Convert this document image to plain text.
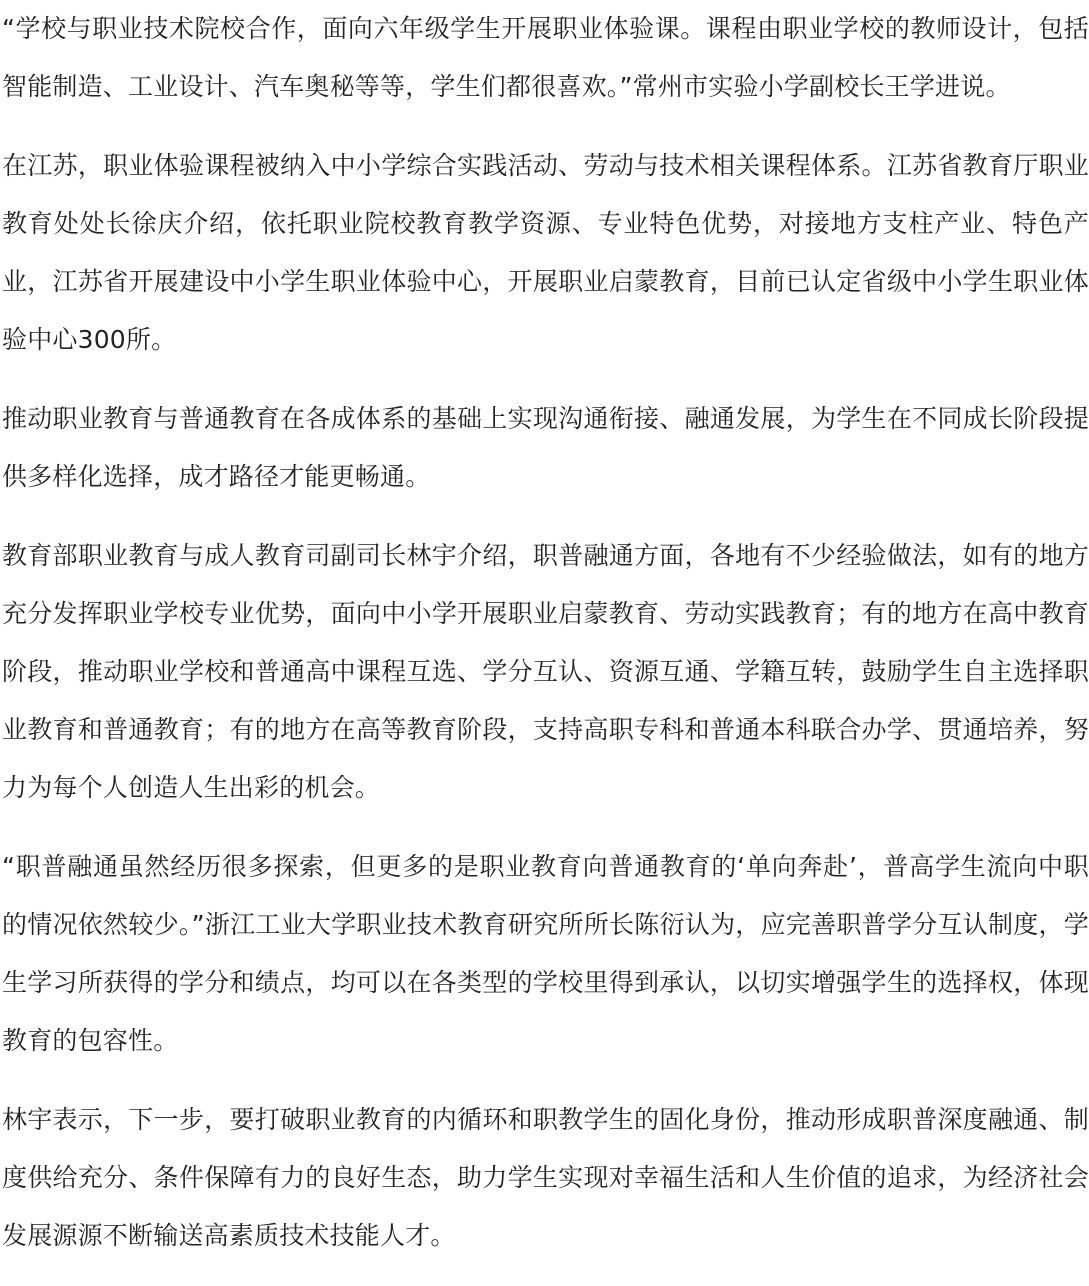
“学校与职业技术院校合作，面向六年级学生开展职业体验课。课程由职业学校的教师设计，包括智能制造、工业设计、汽车奥秘等等，学生们都很喜欢。”常州市实验小学副校长王学进说。

在江苏，职业体验课程被纳入中小学综合实践活动、劳动与技术相关课程体系。江苏省教育厅职业教育处处长徐庆介绍，依托职业院校教育教学资源、专业特色优势，对接地方支柱产业、特色产业，江苏省开展建设中小学生职业体验中心，开展职业启蒙教育，目前已认定省级中小学生职业体验中心300所。

推动职业教育与普通教育在各成体系的基础上实现沟通衔接、融通发展，为学生在不同成长阶段提供多样化选择，成才路径才能更畅通。

教育部职业教育与成人教育司副司长林宇介绍，职普融通方面，各地有不少经验做法，如有的地方充分发挥职业学校专业优势，面向中小学开展职业启蒙教育、劳动实践教育；有的地方在高中教育阶段，推动职业学校和普通高中课程互选、学分互认、资源互通、学籍互转，鼓励学生自主选择职业教育和普通教育；有的地方在高等教育阶段，支持高职专科和普通本科联合办学、贯通培养，努力为每个人创造人生出彩的机会。

“职普融通虽然经历很多探索，但更多的是职业教育向普通教育的‘单向奔赴’，普高学生流向中职的情况依然较少。”浙江工业大学职业技术教育研究所所长陈衍认为，应完善职普学分互认制度，学生学习所获得的学分和绩点，均可以在各类型的学校里得到承认，以切实增强学生的选择权，体现教育的包容性。

林宇表示，下一步，要打破职业教育的内循环和职教学生的固化身份，推动形成职普深度融通、制度供给充分、条件保障有力的良好生态，助力学生实现对幸福生活和人生价值的追求，为经济社会发展源源不断输送高素质技术技能人才。
